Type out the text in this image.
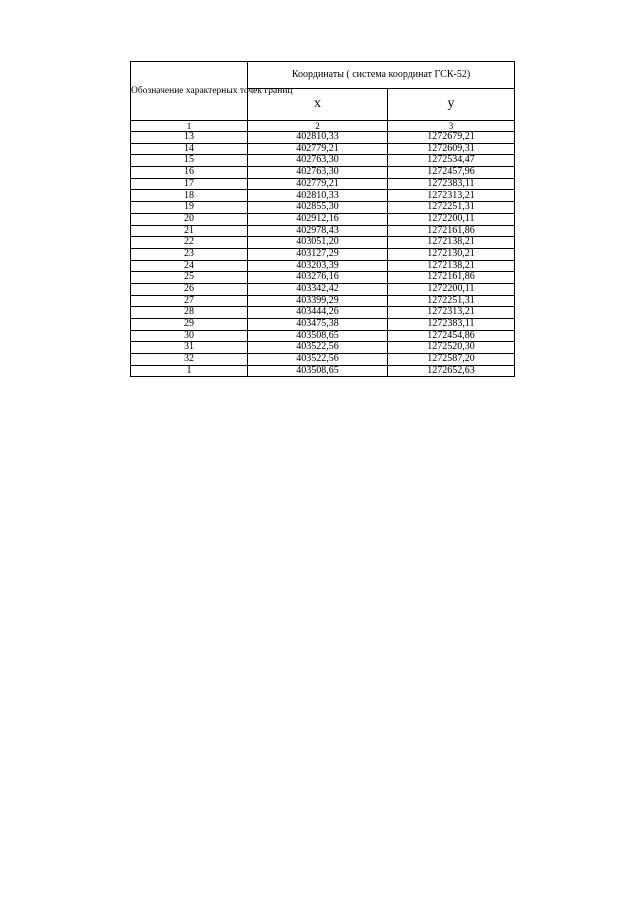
Обозначение характерных точек границ	Координаты ( система координат ГСК-52)	
	x	y
1	2	3
13	402810,33	1272679,21
14	402779,21	1272609,31
15	402763,30	1272534,47
16	402763,30	1272457,96
17	402779,21	1272383,11
18	402810,33	1272313,21
19	402855,30	1272251,31
20	402912,16	1272200,11
21	402978,43	1272161,86
22	403051,20	1272138,21
23	403127,29	1272130,21
24	403203,39	1272138,21
25	403276,16	1272161,86
26	403342,42	1272200,11
27	403399,29	1272251,31
28	403444,26	1272313,21
29	403475,38	1272383,11
30	403508,65	1272454,86
31	403522,56	1272520,30
32	403522,56	1272587,20
1	403508,65	1272652,63
